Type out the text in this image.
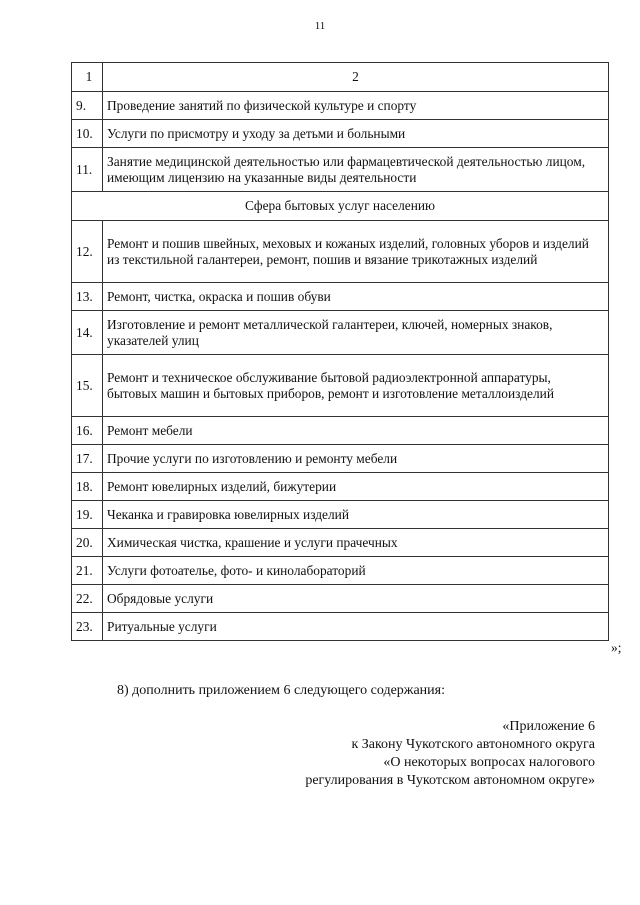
11
1	2
9.	Проведение занятий по физической культуре и спорту
10.	Услуги по присмотру и уходу за детьми и больными
11.	Занятие медицинской деятельностью или фармацевтической деятельностью лицом, имеющим лицензию на указанные виды деятельности
Сфера бытовых услуг населению	
12.	Ремонт и пошив швейных, меховых и кожаных изделий, головных уборов и изделий из текстильной галантереи, ремонт, пошив и вязание трикотажных изделий
13.	Ремонт, чистка, окраска и пошив обуви
14.	Изготовление и ремонт металлической галантереи, ключей, номерных знаков, указателей улиц
15.	Ремонт и техническое обслуживание бытовой радиоэлектронной аппаратуры, бытовых машин и бытовых приборов, ремонт и изготовление металлоизделий
16.	Ремонт мебели
17.	Прочие услуги по изготовлению и ремонту мебели
18.	Ремонт ювелирных изделий, бижутерии
19.	Чеканка и гравировка ювелирных изделий
20.	Химическая чистка, крашение и услуги прачечных
21.	Услуги фотоателье, фото- и кинолабораторий
22.	Обрядовые услуги
23.	Ритуальные услуги
»;
8) дополнить приложением 6 следующего содержания:
«Приложение 6
к Закону Чукотского автономного округа
«О некоторых вопросах налогового
регулирования в Чукотском автономном округе»
